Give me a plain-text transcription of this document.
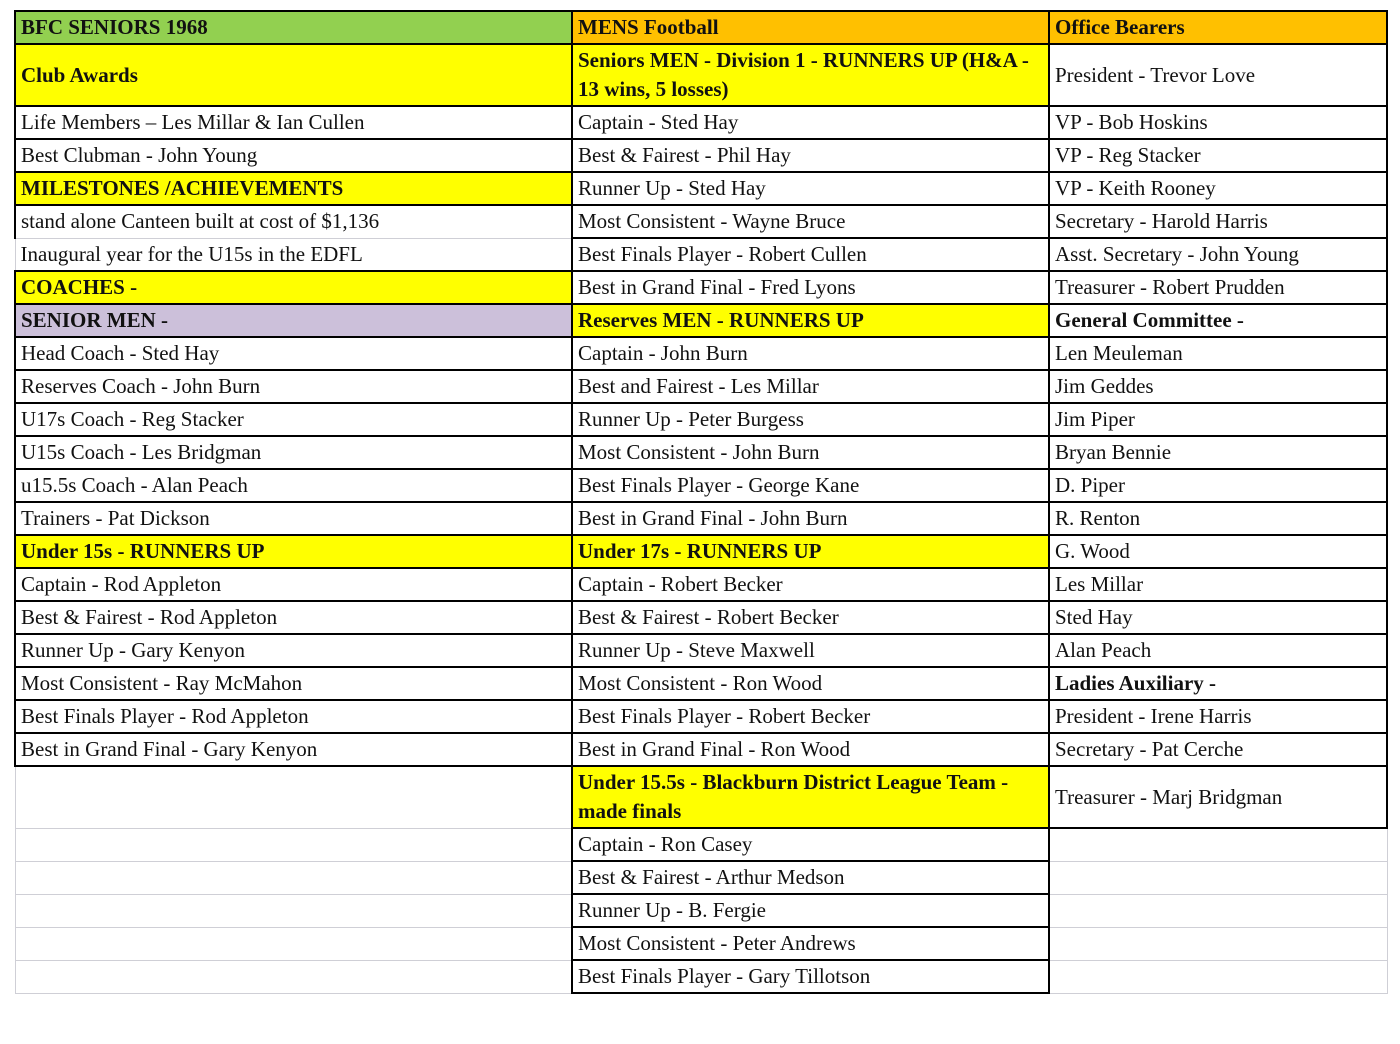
BFC SENIORS 1968	MENS Football	Office Bearers
Club Awards	Seniors MEN - Division 1 - RUNNERS UP (H&A - 13 wins, 5 losses)	President - Trevor Love
Life Members – Les Millar & Ian Cullen	Captain - Sted Hay	VP - Bob Hoskins
Best Clubman - John Young	Best & Fairest - Phil Hay	VP - Reg Stacker
MILESTONES /ACHIEVEMENTS	Runner Up - Sted Hay	VP - Keith Rooney
stand alone Canteen built at cost of $1,136	Most Consistent - Wayne Bruce	Secretary - Harold Harris
Inaugural year for the U15s in the EDFL	Best Finals Player - Robert Cullen	Asst. Secretary - John Young
COACHES -	Best in Grand Final - Fred Lyons	Treasurer - Robert Prudden
SENIOR MEN -	Reserves MEN - RUNNERS UP	General Committee -
Head Coach - Sted Hay	Captain - John Burn	Len Meuleman
Reserves Coach - John Burn	Best and Fairest - Les Millar	Jim Geddes
U17s Coach - Reg Stacker	Runner Up - Peter Burgess	Jim Piper
U15s Coach - Les Bridgman	Most Consistent - John Burn	Bryan Bennie
u15.5s Coach - Alan Peach	Best Finals Player - George Kane	D. Piper
Trainers - Pat Dickson	Best in Grand Final - John Burn	R. Renton
Under 15s - RUNNERS UP	Under 17s - RUNNERS UP	G. Wood
Captain - Rod Appleton	Captain - Robert Becker	Les Millar
Best & Fairest - Rod Appleton	Best & Fairest - Robert Becker	Sted Hay
Runner Up - Gary Kenyon	Runner Up - Steve Maxwell	Alan Peach
Most Consistent - Ray McMahon	Most Consistent - Ron Wood	Ladies Auxiliary -
Best Finals Player - Rod Appleton	Best Finals Player - Robert Becker	President - Irene Harris
Best in Grand Final - Gary Kenyon	Best in Grand Final - Ron Wood	Secretary - Pat Cerche
	Under 15.5s - Blackburn District League Team - made finals	Treasurer - Marj Bridgman
	Captain - Ron Casey	
	Best & Fairest - Arthur Medson	
	Runner Up - B. Fergie	
	Most Consistent - Peter Andrews	
	Best Finals Player - Gary Tillotson	
